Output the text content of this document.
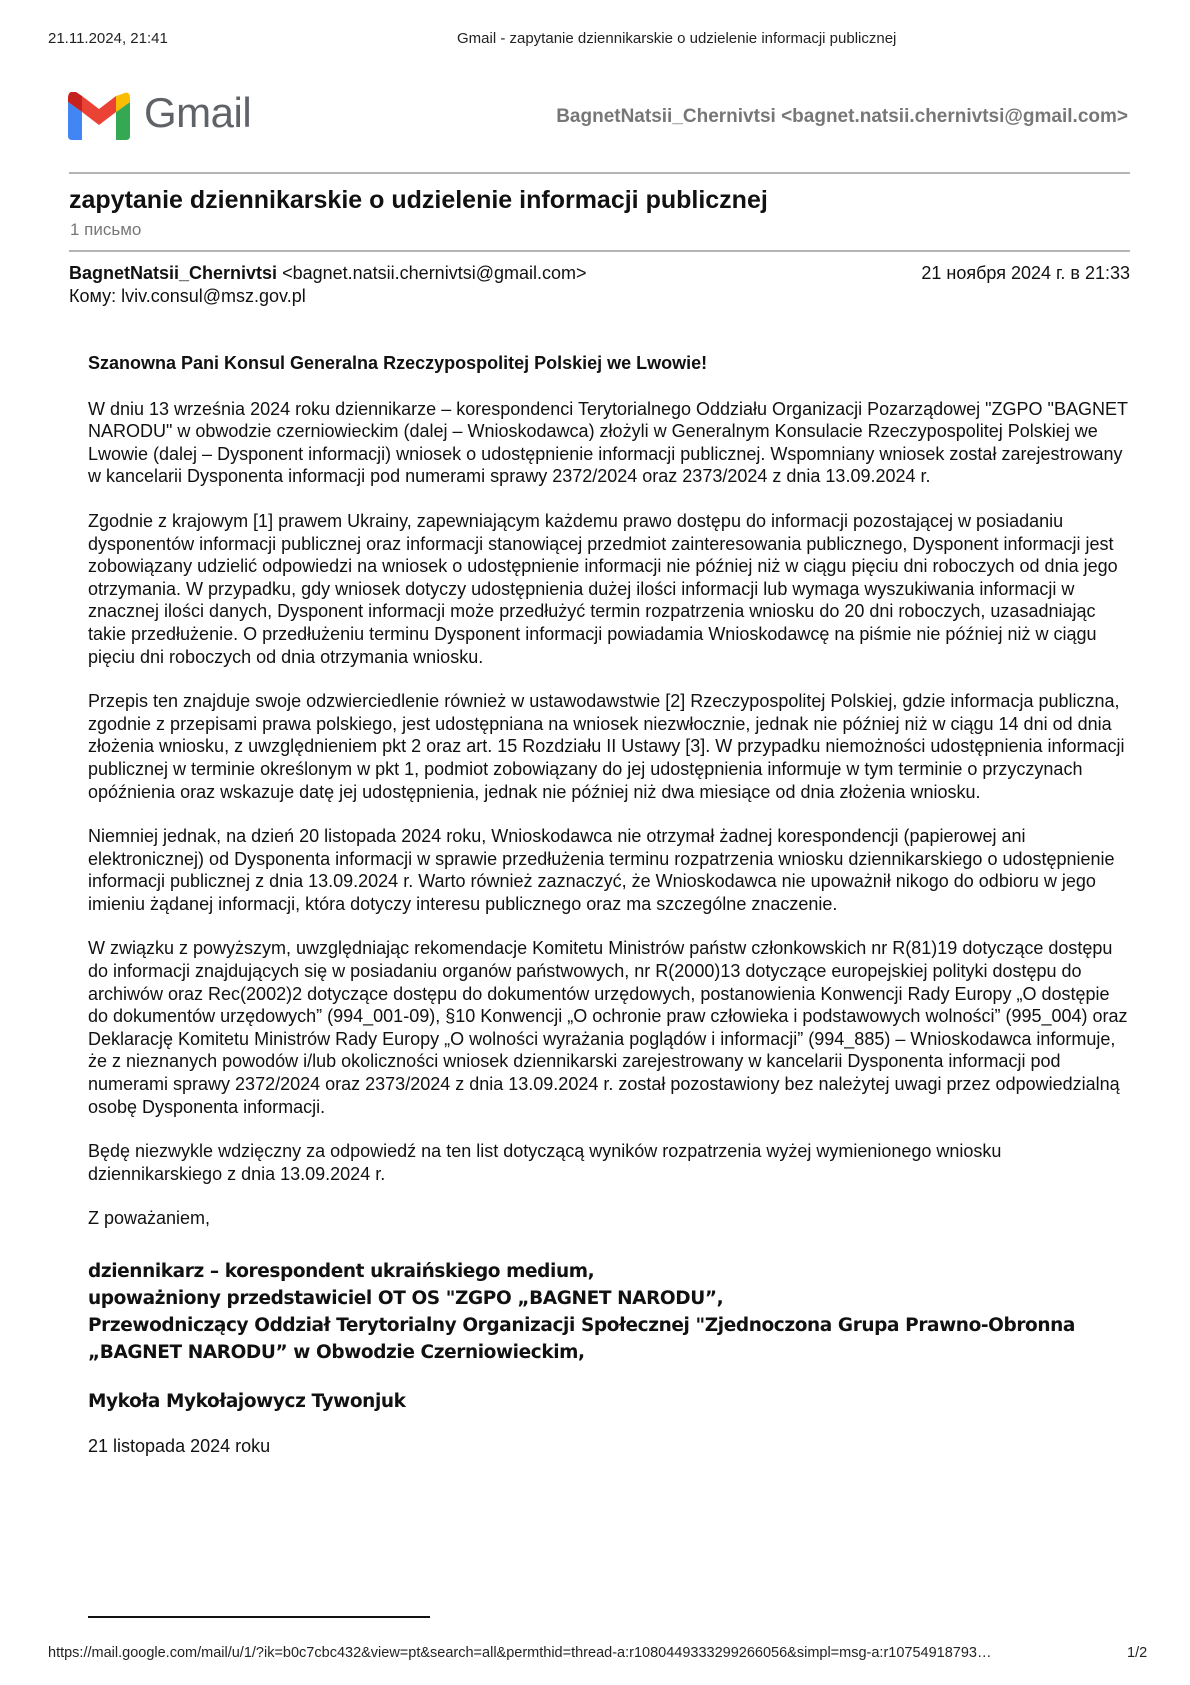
21.11.2024, 21:41	Gmail - zapytanie dziennikarskie o udzielenie informacji publicznej
Gmail	BagnetNatsii_Chernivtsi <bagnet.natsii.chernivtsi@gmail.com>
zapytanie dziennikarskie o udzielenie informacji publicznej
1 письмо
BagnetNatsii_Chernivtsi <bagnet.natsii.chernivtsi@gmail.com>	21 ноября 2024 г. в 21:33
Кому: lviv.consul@msz.gov.pl

Szanowna Pani Konsul Generalna Rzeczypospolitej Polskiej we Lwowie!

W dniu 13 września 2024 roku dziennikarze – korespondenci Terytorialnego Oddziału Organizacji Pozarządowej "ZGPO "BAGNET NARODU" w obwodzie czerniowieckim (dalej – Wnioskodawca) złożyli w Generalnym Konsulacie Rzeczypospolitej Polskiej we Lwowie (dalej – Dysponent informacji) wniosek o udostępnienie informacji publicznej. Wspomniany wniosek został zarejestrowany w kancelarii Dysponenta informacji pod numerami sprawy 2372/2024 oraz 2373/2024 z dnia 13.09.2024 r.

Zgodnie z krajowym [1] prawem Ukrainy, zapewniającym każdemu prawo dostępu do informacji pozostającej w posiadaniu dysponentów informacji publicznej oraz informacji stanowiącej przedmiot zainteresowania publicznego, Dysponent informacji jest zobowiązany udzielić odpowiedzi na wniosek o udostępnienie informacji nie później niż w ciągu pięciu dni roboczych od dnia jego otrzymania. W przypadku, gdy wniosek dotyczy udostępnienia dużej ilości informacji lub wymaga wyszukiwania informacji w znacznej ilości danych, Dysponent informacji może przedłużyć termin rozpatrzenia wniosku do 20 dni roboczych, uzasadniając takie przedłużenie. O przedłużeniu terminu Dysponent informacji powiadamia Wnioskodawcę na piśmie nie później niż w ciągu pięciu dni roboczych od dnia otrzymania wniosku.

Przepis ten znajduje swoje odzwierciedlenie również w ustawodawstwie [2] Rzeczypospolitej Polskiej, gdzie informacja publiczna, zgodnie z przepisami prawa polskiego, jest udostępniana na wniosek niezwłocznie, jednak nie później niż w ciągu 14 dni od dnia złożenia wniosku, z uwzględnieniem pkt 2 oraz art. 15 Rozdziału II Ustawy [3]. W przypadku niemożności udostępnienia informacji publicznej w terminie określonym w pkt 1, podmiot zobowiązany do jej udostępnienia informuje w tym terminie o przyczynach opóźnienia oraz wskazuje datę jej udostępnienia, jednak nie później niż dwa miesiące od dnia złożenia wniosku.

Niemniej jednak, na dzień 20 listopada 2024 roku, Wnioskodawca nie otrzymał żadnej korespondencji (papierowej ani elektronicznej) od Dysponenta informacji w sprawie przedłużenia terminu rozpatrzenia wniosku dziennikarskiego o udostępnienie informacji publicznej z dnia 13.09.2024 r. Warto również zaznaczyć, że Wnioskodawca nie upoważnił nikogo do odbioru w jego imieniu żądanej informacji, która dotyczy interesu publicznego oraz ma szczególne znaczenie.

W związku z powyższym, uwzględniając rekomendacje Komitetu Ministrów państw członkowskich nr R(81)19 dotyczące dostępu do informacji znajdujących się w posiadaniu organów państwowych, nr R(2000)13 dotyczące europejskiej polityki dostępu do archiwów oraz Rec(2002)2 dotyczące dostępu do dokumentów urzędowych, postanowienia Konwencji Rady Europy „O dostępie do dokumentów urzędowych” (994_001-09), §10 Konwencji „O ochronie praw człowieka i podstawowych wolności” (995_004) oraz Deklarację Komitetu Ministrów Rady Europy „O wolności wyrażania poglądów i informacji” (994_885) – Wnioskodawca informuje, że z nieznanych powodów i/lub okoliczności wniosek dziennikarski zarejestrowany w kancelarii Dysponenta informacji pod numerami sprawy 2372/2024 oraz 2373/2024 z dnia 13.09.2024 r. został pozostawiony bez należytej uwagi przez odpowiedzialną osobę Dysponenta informacji.

Będę niezwykle wdzięczny za odpowiedź na ten list dotyczącą wyników rozpatrzenia wyżej wymienionego wniosku dziennikarskiego z dnia 13.09.2024 r.

Z poważaniem,

dziennikarz – korespondent ukraińskiego medium,
upoważniony przedstawiciel OT OS "ZGPO „BAGNET NARODU”,
Przewodniczący Oddział Terytorialny Organizacji Społecznej "Zjednoczona Grupa Prawno-Obronna
„BAGNET NARODU” w Obwodzie Czerniowieckim,
Mykoła Mykołajowycz Tywonjuk
21 listopada 2024 roku
https://mail.google.com/mail/u/1/?ik=b0c7cbc432&view=pt&search=all&permthid=thread-a:r1080449333299266056&simpl=msg-a:r10754918793…	1/2
